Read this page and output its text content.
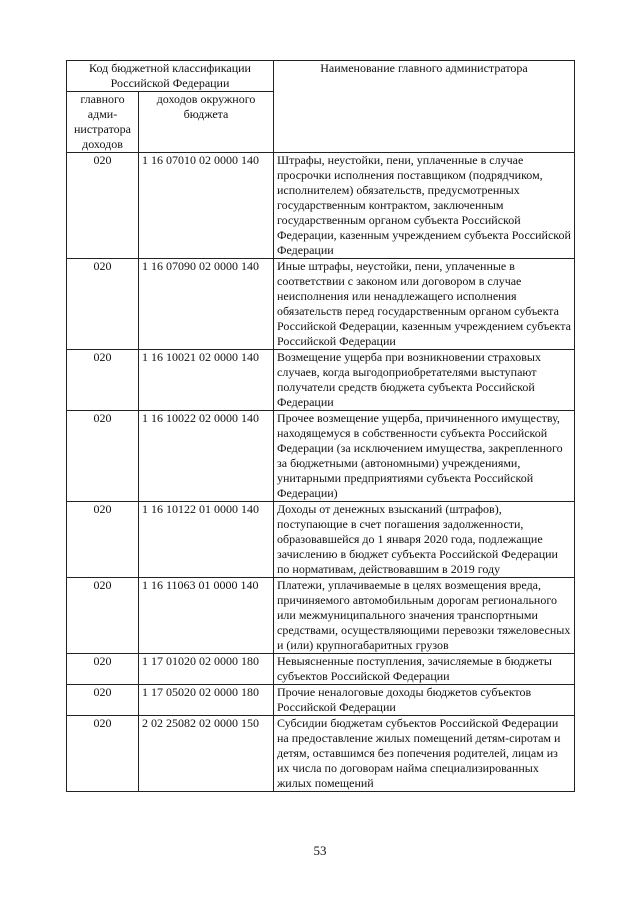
Код бюджетной классификации Российской Федерации		Наименование главного администратора
главного адми-нистратора доходов	доходов окружного бюджета	
020	1 16 07010 02 0000 140	Штрафы, неустойки, пени, уплаченные в случае просрочки исполнения поставщиком (подрядчиком, исполнителем) обязательств, предусмотренных государственным контрактом, заключенным государственным органом субъекта Российской Федерации, казенным учреждением субъекта Российской Федерации
020	1 16 07090 02 0000 140	Иные штрафы, неустойки, пени, уплаченные в соответствии с законом или договором в случае неисполнения или ненадлежащего исполнения обязательств перед государственным органом субъекта Российской Федерации, казенным учреждением субъекта Российской Федерации
020	1 16 10021 02 0000 140	Возмещение ущерба при возникновении страховых случаев, когда выгодоприобретателями выступают получатели средств бюджета субъекта Российской Федерации
020	1 16 10022 02 0000 140	Прочее возмещение ущерба, причиненного имуществу, находящемуся в собственности субъекта Российской Федерации (за исключением имущества, закрепленного за бюджетными (автономными) учреждениями, унитарными предприятиями субъекта Российской Федерации)
020	1 16 10122 01 0000 140	Доходы от денежных взысканий (штрафов), поступающие в счет погашения задолженности, образовавшейся до 1 января 2020 года, подлежащие зачислению в бюджет субъекта Российской Федерации по нормативам, действовавшим в 2019 году
020	1 16 11063 01 0000 140	Платежи, уплачиваемые в целях возмещения вреда, причиняемого автомобильным дорогам регионального или межмуниципального значения транспортными средствами, осуществляющими перевозки тяжеловесных и (или) крупногабаритных грузов
020	1 17 01020 02 0000 180	Невыясненные поступления, зачисляемые в бюджеты субъектов Российской Федерации
020	1 17 05020 02 0000 180	Прочие неналоговые доходы бюджетов субъектов Российской Федерации
020	2 02 25082 02 0000 150	Субсидии бюджетам субъектов Российской Федерации на предоставление жилых помещений детям-сиротам и детям, оставшимся без попечения родителей, лицам из их числа по договорам найма специализированных жилых помещений
53
